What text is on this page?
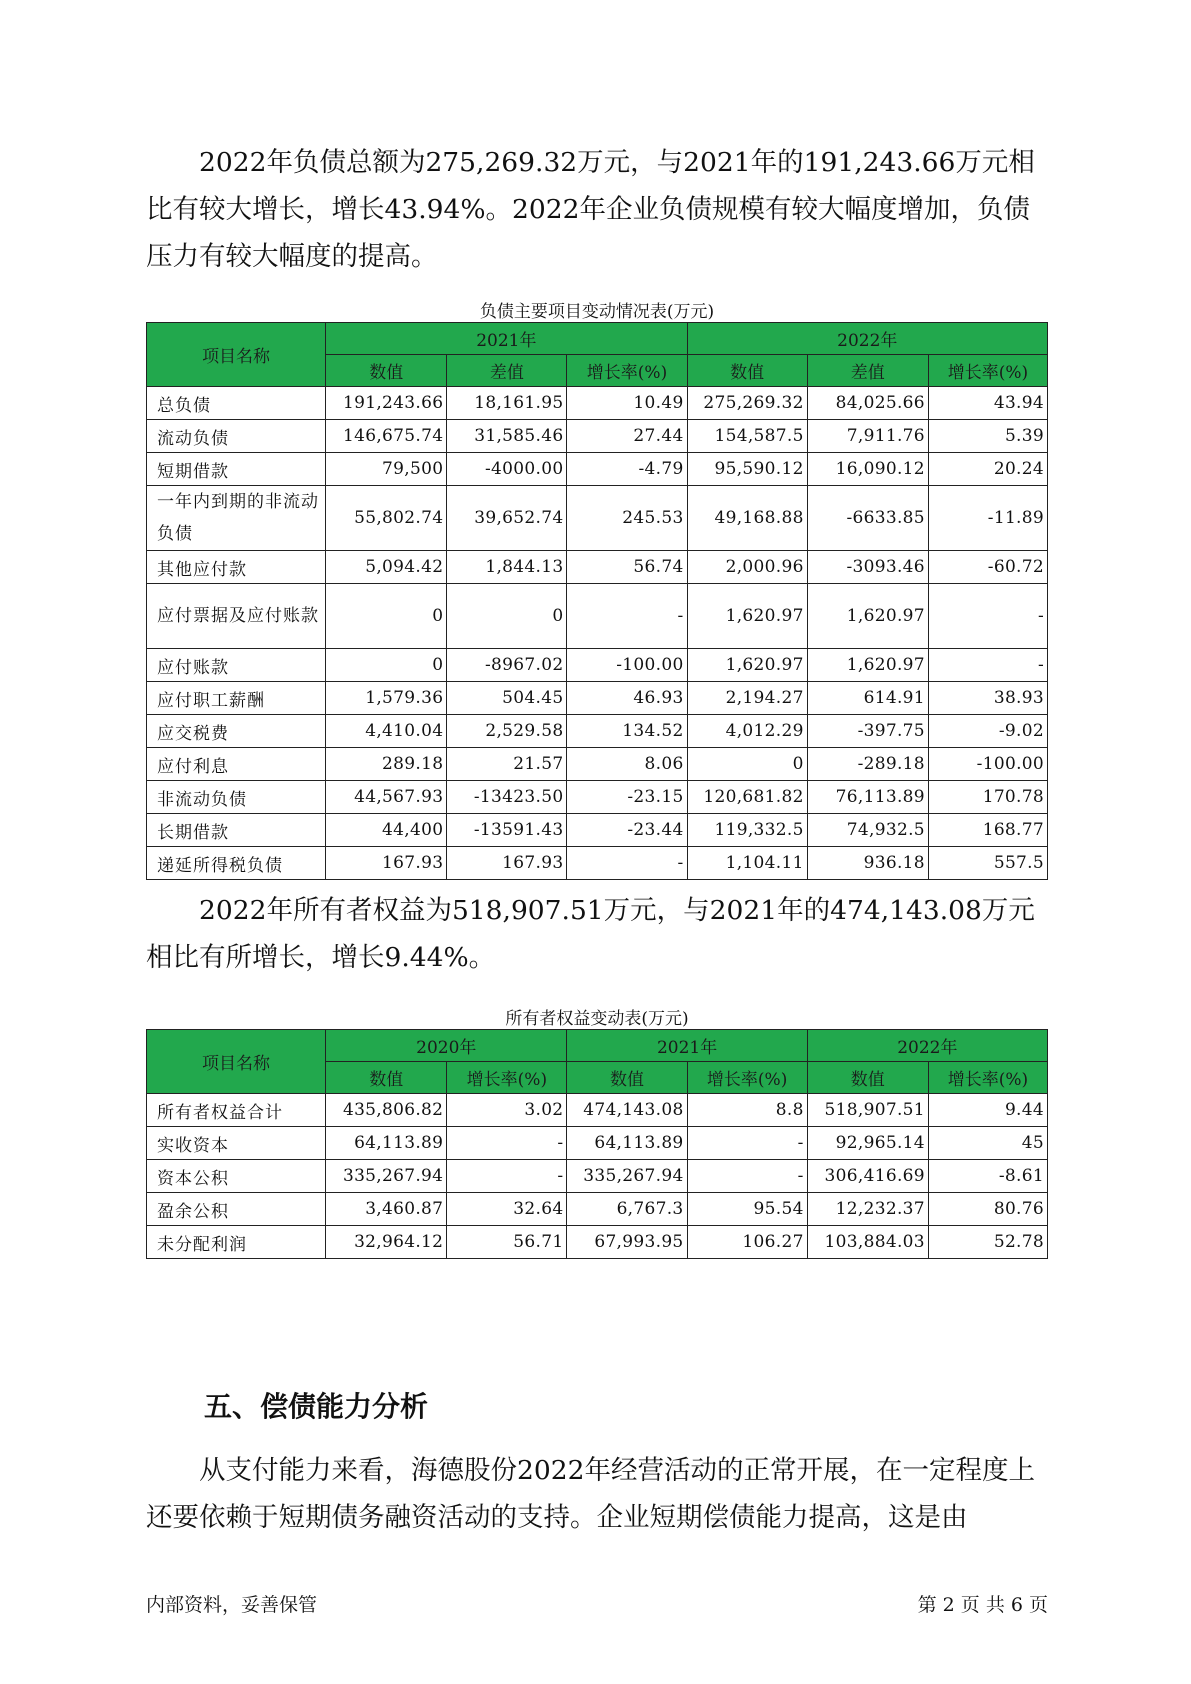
2022年负债总额为275,269.32万元，与2021年的191,243.66万元相比有较大增长，增长43.94%。2022年企业负债规模有较大幅度增加，负债压力有较大幅度的提高。

负债主要项目变动情况表(万元)
项目名称	2021年			2022年		
	数值	差值	增长率(%)	数值	差值	增长率(%)
总负债	191,243.66	18,161.95	10.49	275,269.32	84,025.66	43.94
流动负债	146,675.74	31,585.46	27.44	154,587.5	7,911.76	5.39
短期借款	79,500	-4000.00	-4.79	95,590.12	16,090.12	20.24
一年内到期的非流动负债	55,802.74	39,652.74	245.53	49,168.88	-6633.85	-11.89
其他应付款	5,094.42	1,844.13	56.74	2,000.96	-3093.46	-60.72
应付票据及应付账款	0	0	-	1,620.97	1,620.97	-
应付账款	0	-8967.02	-100.00	1,620.97	1,620.97	-
应付职工薪酬	1,579.36	504.45	46.93	2,194.27	614.91	38.93
应交税费	4,410.04	2,529.58	134.52	4,012.29	-397.75	-9.02
应付利息	289.18	21.57	8.06	0	-289.18	-100.00
非流动负债	44,567.93	-13423.50	-23.15	120,681.82	76,113.89	170.78
长期借款	44,400	-13591.43	-23.44	119,332.5	74,932.5	168.77
递延所得税负债	167.93	167.93	-	1,104.11	936.18	557.5

2022年所有者权益为518,907.51万元，与2021年的474,143.08万元相比有所增长，增长9.44%。

所有者权益变动表(万元)
项目名称	2020年		2021年		2022年	
	数值	增长率(%)	数值	增长率(%)	数值	增长率(%)
所有者权益合计	435,806.82	3.02	474,143.08	8.8	518,907.51	9.44
实收资本	64,113.89	-	64,113.89	-	92,965.14	45
资本公积	335,267.94	-	335,267.94	-	306,416.69	-8.61
盈余公积	3,460.87	32.64	6,767.3	95.54	12,232.37	80.76
未分配利润	32,964.12	56.71	67,993.95	106.27	103,884.03	52.78
五、偿债能力分析

从支付能力来看，海德股份2022年经营活动的正常开展，在一定程度上还要依赖于短期债务融资活动的支持。企业短期偿债能力提高，这是由

内部资料，妥善保管	第 2 页 共 6 页
